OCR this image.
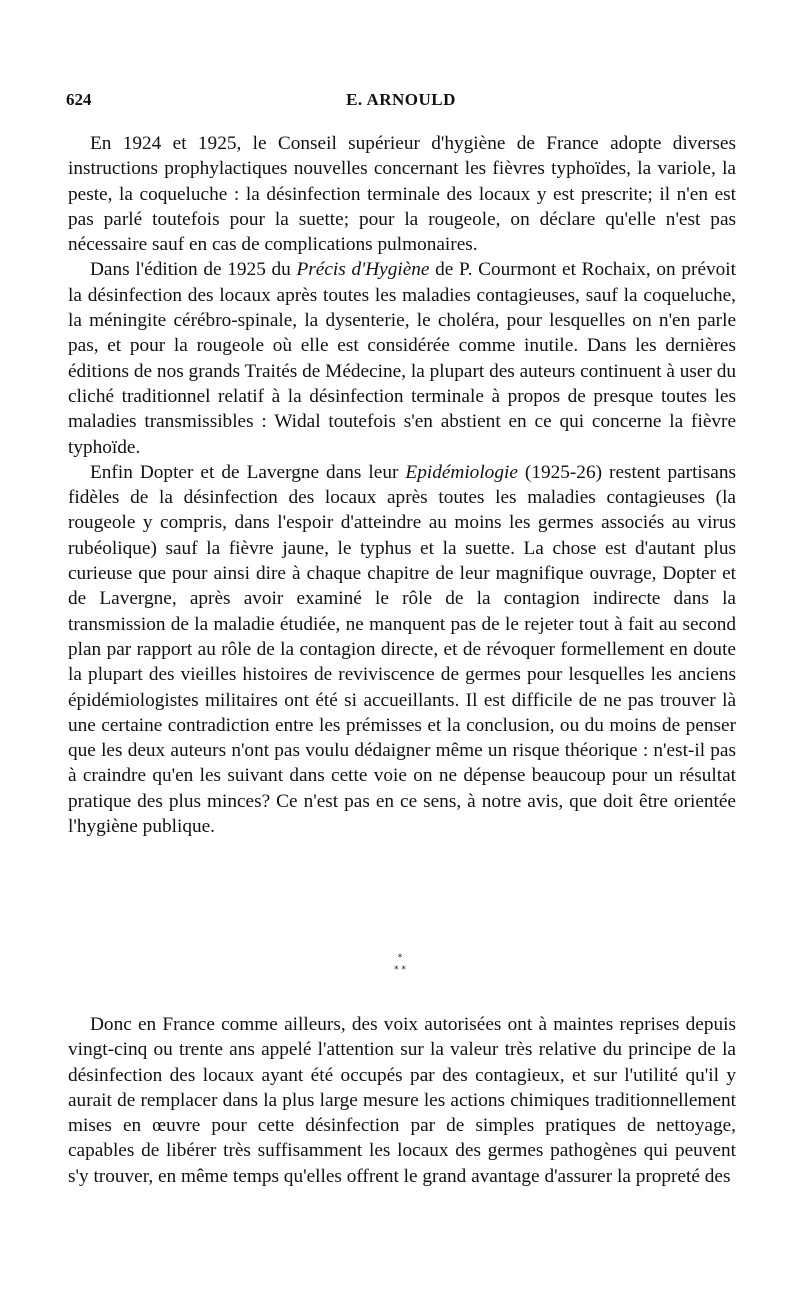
624	E. ARNOULD

En 1924 et 1925, le Conseil supérieur d'hygiène de France adopte diverses instructions prophylactiques nouvelles concernant les fièvres typhoïdes, la variole, la peste, la coqueluche : la désinfection terminale des locaux y est prescrite; il n'en est pas parlé toutefois pour la suette; pour la rougeole, on déclare qu'elle n'est pas nécessaire sauf en cas de complications pulmonaires.

Dans l'édition de 1925 du Précis d'Hygiène de P. Courmont et Rochaix, on prévoit la désinfection des locaux après toutes les maladies contagieuses, sauf la coqueluche, la méningite cérébro-spinale, la dysenterie, le choléra, pour lesquelles on n'en parle pas, et pour la rougeole où elle est considérée comme inutile. Dans les dernières éditions de nos grands Traités de Médecine, la plupart des auteurs continuent à user du cliché traditionnel relatif à la désinfection terminale à propos de presque toutes les maladies transmissibles : Widal toutefois s'en abstient en ce qui concerne la fièvre typhoïde.

Enfin Dopter et de Lavergne dans leur Epidémiologie (1925-26) restent partisans fidèles de la désinfection des locaux après toutes les maladies contagieuses (la rougeole y compris, dans l'espoir d'atteindre au moins les germes associés au virus rubéolique) sauf la fièvre jaune, le typhus et la suette. La chose est d'autant plus curieuse que pour ainsi dire à chaque chapitre de leur magnifique ouvrage, Dopter et de Lavergne, après avoir examiné le rôle de la contagion indirecte dans la transmission de la maladie étudiée, ne manquent pas de le rejeter tout à fait au second plan par rapport au rôle de la contagion directe, et de révoquer formellement en doute la plupart des vieilles histoires de reviviscence de germes pour lesquelles les anciens épidémiologistes militaires ont été si accueillants. Il est difficile de ne pas trouver là une certaine contradiction entre les prémisses et la conclusion, ou du moins de penser que les deux auteurs n'ont pas voulu dédaigner même un risque théorique : n'est-il pas à craindre qu'en les suivant dans cette voie on ne dépense beaucoup pour un résultat pratique des plus minces? Ce n'est pas en ce sens, à notre avis, que doit être orientée l'hygiène publique.

*
* *

Donc en France comme ailleurs, des voix autorisées ont à maintes reprises depuis vingt-cinq ou trente ans appelé l'attention sur la valeur très relative du principe de la désinfection des locaux ayant été occupés par des contagieux, et sur l'utilité qu'il y aurait de remplacer dans la plus large mesure les actions chimiques traditionnellement mises en œuvre pour cette désinfection par de simples pratiques de nettoyage, capables de libérer très suffisamment les locaux des germes pathogènes qui peuvent s'y trouver, en même temps qu'elles offrent le grand avantage d'assurer la propreté des
